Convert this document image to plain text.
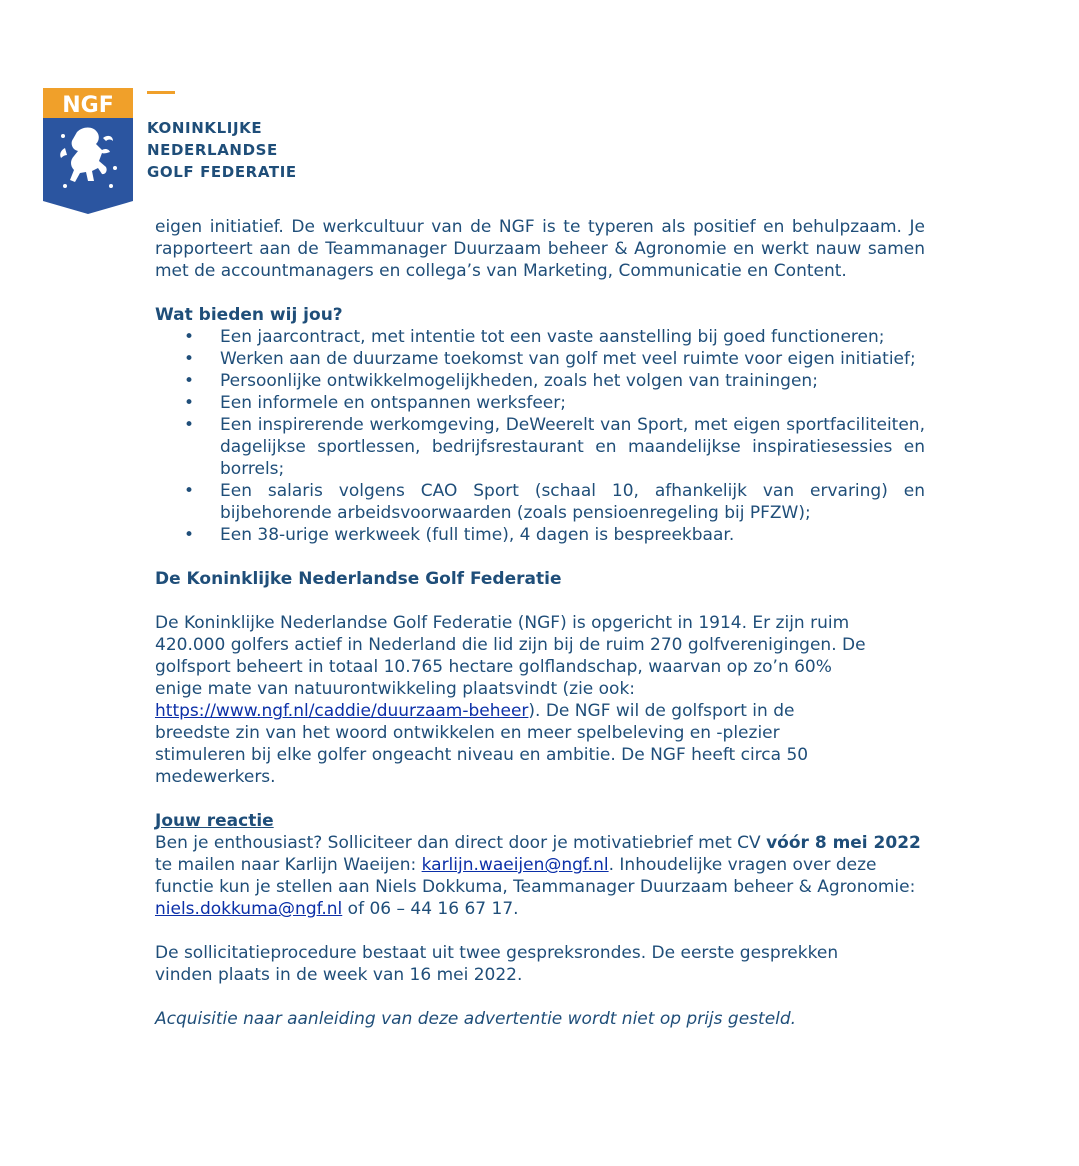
NGF
KONINKLIJKE
NEDERLANDSE
GOLF FEDERATIE

eigen initiatief. De werkcultuur van de NGF is te typeren als positief en behulpzaam. Je rapporteert aan de Teammanager Duurzaam beheer & Agronomie en werkt nauw samen met de accountmanagers en collega’s van Marketing, Communicatie en Content.

Wat bieden wij jou?

• Een jaarcontract, met intentie tot een vaste aanstelling bij goed functioneren;
• Werken aan de duurzame toekomst van golf met veel ruimte voor eigen initiatief;
• Persoonlijke ontwikkelmogelijkheden, zoals het volgen van trainingen;
• Een informele en ontspannen werksfeer;
• Een inspirerende werkomgeving, DeWeerelt van Sport, met eigen sportfaciliteiten, dagelijkse sportlessen, bedrijfsrestaurant en maandelijkse inspiratiesessies en borrels;
• Een salaris volgens CAO Sport (schaal 10, afhankelijk van ervaring) en bijbehorende arbeidsvoorwaarden (zoals pensioenregeling bij PFZW);
• Een 38-urige werkweek (full time), 4 dagen is bespreekbaar.

De Koninklijke Nederlandse Golf Federatie

De Koninklijke Nederlandse Golf Federatie (NGF) is opgericht in 1914. Er zijn ruim
420.000 golfers actief in Nederland die lid zijn bij de ruim 270 golfverenigingen. De
golfsport beheert in totaal 10.765 hectare golflandschap, waarvan op zo’n 60%
enige mate van natuurontwikkeling plaatsvindt (zie ook:
https://www.ngf.nl/caddie/duurzaam-beheer). De NGF wil de golfsport in de
breedste zin van het woord ontwikkelen en meer spelbeleving en -plezier
stimuleren bij elke golfer ongeacht niveau en ambitie. De NGF heeft circa 50
medewerkers.

Jouw reactie

Ben je enthousiast? Solliciteer dan direct door je motivatiebrief met CV vóór 8 mei 2022 te mailen naar Karlijn Waeijen: karlijn.waeijen@ngf.nl. Inhoudelijke vragen over deze functie kun je stellen aan Niels Dokkuma, Teammanager Duurzaam beheer & Agronomie: niels.dokkuma@ngf.nl of 06 – 44 16 67 17.

De sollicitatieprocedure bestaat uit twee gespreksrondes. De eerste gesprekken
vinden plaats in de week van 16 mei 2022.

Acquisitie naar aanleiding van deze advertentie wordt niet op prijs gesteld.
